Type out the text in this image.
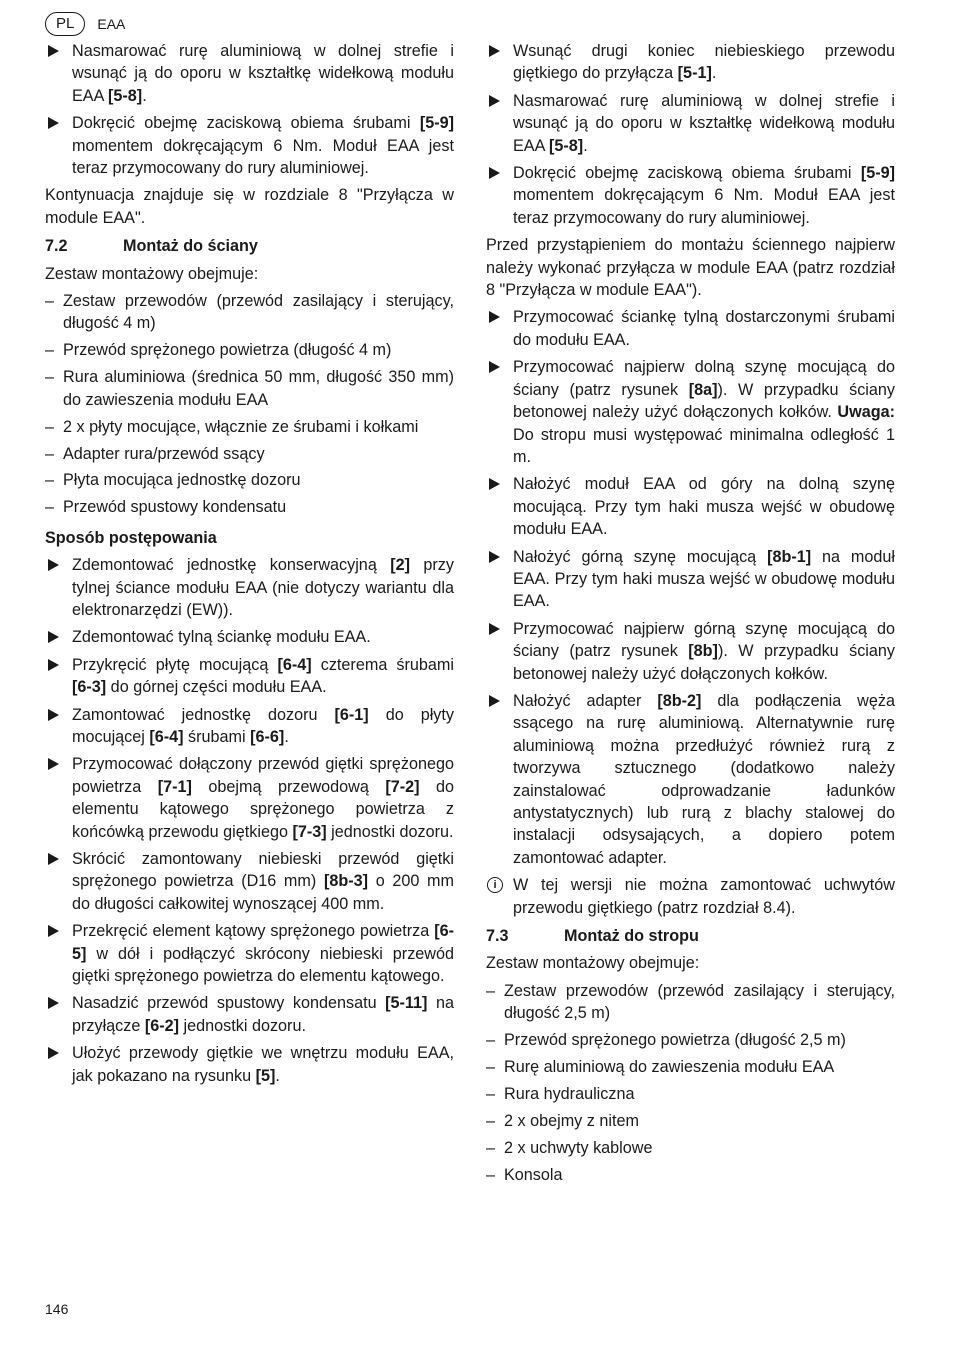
PL	EAA
Nasmarować rurę aluminiową w dolnej strefie i wsunąć ją do oporu w kształtkę widełkową modułu EAA [5-8].
Dokręcić obejmę zaciskową obiema śrubami [5-9] momentem dokręcającym 6 Nm. Moduł EAA jest teraz przymocowany do rury aluminiowej.

Kontynuacja znajduje się w rozdziale 8 "Przyłącza w module EAA".

7.2	Montaż do ściany

Zestaw montażowy obejmuje:

– Zestaw przewodów (przewód zasilający i sterujący, długość 4 m)
– Przewód sprężonego powietrza (długość 4 m)
– Rura aluminiowa (średnica 50 mm, długość 350 mm) do zawieszenia modułu EAA
– 2 x płyty mocujące, włącznie ze śrubami i kołkami
– Adapter rura/przewód ssący
– Płyta mocująca jednostkę dozoru
– Przewód spustowy kondensatu
Sposób postępowania
Zdemontować jednostkę konserwacyjną [2] przy tylnej ściance modułu EAA (nie dotyczy wariantu dla elektronarzędzi (EW)).
Zdemontować tylną ściankę modułu EAA.
Przykręcić płytę mocującą [6-4] czterema śrubami [6-3] do górnej części modułu EAA.
Zamontować jednostkę dozoru [6-1] do płyty mocującej [6-4] śrubami [6-6].
Przymocować dołączony przewód giętki sprężonego powietrza [7-1] obejmą przewodową [7-2] do elementu kątowego sprężonego powietrza z końcówką przewodu giętkiego [7-3] jednostki dozoru.
Skrócić zamontowany niebieski przewód giętki sprężonego powietrza (D16 mm) [8b-3] o 200 mm do długości całkowitej wynoszącej 400 mm.
Przekręcić element kątowy sprężonego powietrza [6-5] w dół i podłączyć skrócony niebieski przewód giętki sprężonego powietrza do elementu kątowego.
Nasadzić przewód spustowy kondensatu [5-11] na przyłącze [6-2] jednostki dozoru.
Ułożyć przewody giętkie we wnętrzu modułu EAA, jak pokazano na rysunku [5].
Wsunąć drugi koniec niebieskiego przewodu giętkiego do przyłącza [5-1].
Nasmarować rurę aluminiową w dolnej strefie i wsunąć ją do oporu w kształtkę widełkową modułu EAA [5-8].
Dokręcić obejmę zaciskową obiema śrubami [5-9] momentem dokręcającym 6 Nm. Moduł EAA jest teraz przymocowany do rury aluminiowej.

Przed przystąpieniem do montażu ściennego najpierw należy wykonać przyłącza w module EAA (patrz rozdział 8 "Przyłącza w module EAA").

Przymocować ściankę tylną dostarczonymi śrubami do modułu EAA.
Przymocować najpierw dolną szynę mocującą do ściany (patrz rysunek [8a]). W przypadku ściany betonowej należy użyć dołączonych kołków. Uwaga: Do stropu musi występować minimalna odległość 1 m.
Nałożyć moduł EAA od góry na dolną szynę mocującą. Przy tym haki musza wejść w obudowę modułu EAA.
Nałożyć górną szynę mocującą [8b-1] na moduł EAA. Przy tym haki musza wejść w obudowę modułu EAA.
Przymocować najpierw górną szynę mocującą do ściany (patrz rysunek [8b]). W przypadku ściany betonowej należy użyć dołączonych kołków.
Nałożyć adapter [8b-2] dla podłączenia węża ssącego na rurę aluminiową. Alternatywnie rurę aluminiową można przedłużyć również rurą z tworzywa sztucznego (dodatkowo należy zainstalować odprowadzanie ładunków antystatycznych) lub rurą z blachy stalowej do instalacji odsysających, a dopiero potem zamontować adapter.
i	W tej wersji nie można zamontować uchwytów przewodu giętkiego (patrz rozdział 8.4).
7.3	Montaż do stropu

Zestaw montażowy obejmuje:

– Zestaw przewodów (przewód zasilający i sterujący, długość 2,5 m)
– Przewód sprężonego powietrza (długość 2,5 m)
– Rurę aluminiową do zawieszenia modułu EAA
– Rura hydrauliczna
– 2 x obejmy z nitem
– 2 x uchwyty kablowe
– Konsola
146
